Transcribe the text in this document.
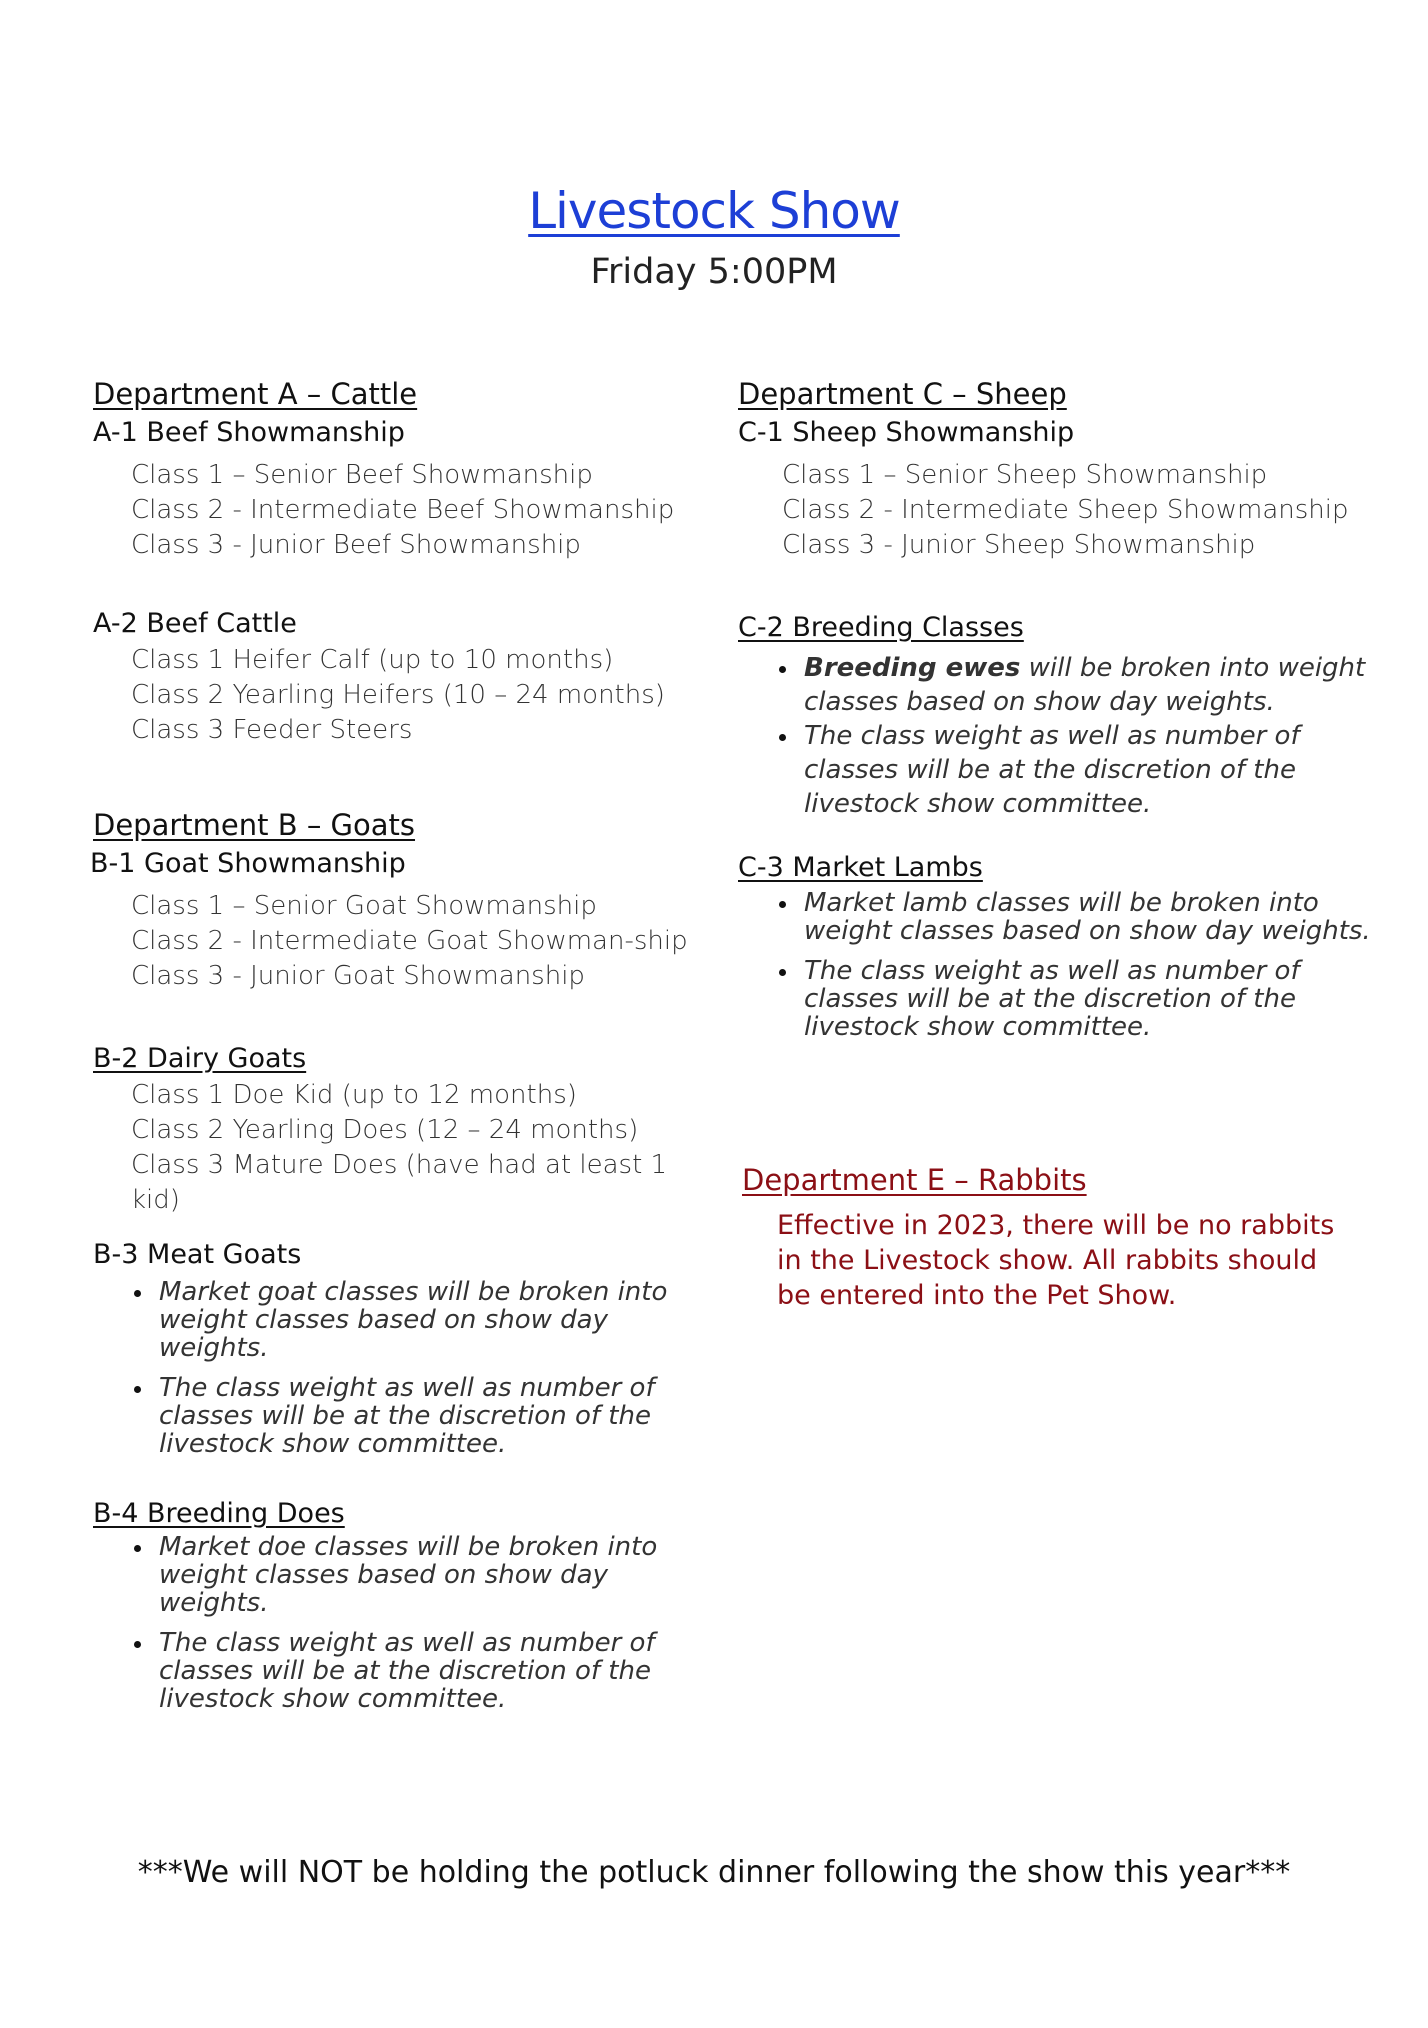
Livestock Show
Friday 5:00PM
Department A – Cattle
A-1 Beef Showmanship
Class 1 – Senior Beef Showmanship
Class 2 - Intermediate Beef Showmanship
Class 3 - Junior Beef Showmanship
A-2 Beef Cattle
Class 1 Heifer Calf (up to 10 months)
Class 2 Yearling Heifers (10 – 24 months)
Class 3 Feeder Steers
Department B – Goats
B-1 Goat Showmanship
Class 1 – Senior Goat Showmanship
Class 2 - Intermediate Goat Showman-ship
Class 3 - Junior Goat Showmanship
B-2 Dairy Goats
Class 1 Doe Kid (up to 12 months)
Class 2 Yearling Does (12 – 24 months)
Class 3 Mature Does (have had at least 1 kid)
B-3 Meat Goats
• Market goat classes will be broken into weight classes based on show day weights.
• The class weight as well as number of classes will be at the discretion of the livestock show committee.
B-4 Breeding Does
• Market doe classes will be broken into weight classes based on show day weights.
• The class weight as well as number of classes will be at the discretion of the livestock show committee.
Department C – Sheep
C-1 Sheep Showmanship
Class 1 – Senior Sheep Showmanship
Class 2 - Intermediate Sheep Showmanship
Class 3 - Junior Sheep Showmanship
C-2 Breeding Classes
• Breeding ewes will be broken into weight classes based on show day weights.
• The class weight as well as number of classes will be at the discretion of the livestock show committee.
C-3 Market Lambs
• Market lamb classes will be broken into weight classes based on show day weights.
• The class weight as well as number of classes will be at the discretion of the livestock show committee.
Department E – Rabbits
Effective in 2023, there will be no rabbits in the Livestock show. All rabbits should be entered into the Pet Show.
***We will NOT be holding the potluck dinner following the show this year***
